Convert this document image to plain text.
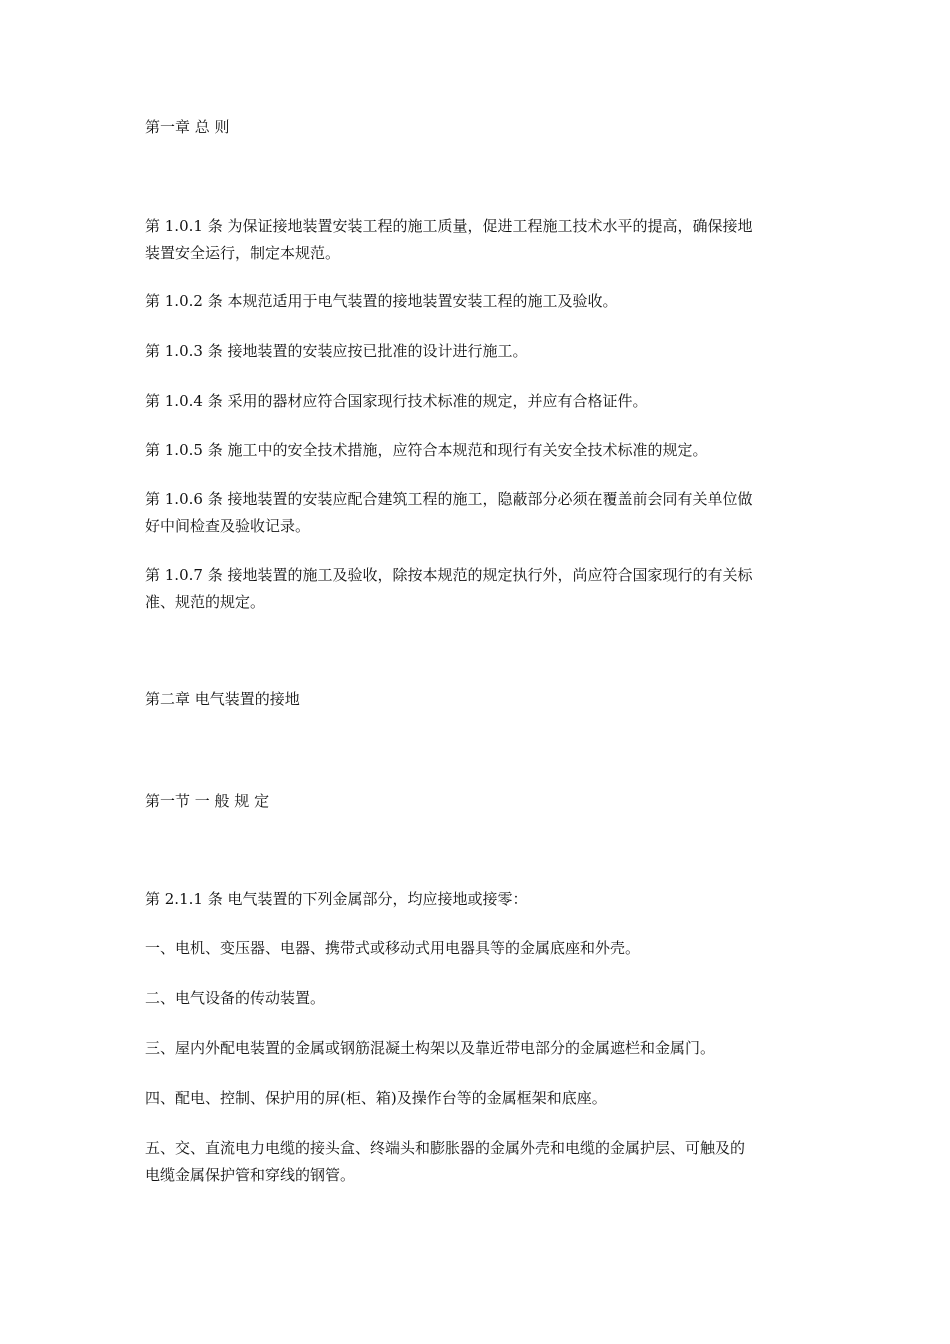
第一章 总 则
第 1.0.1 条 为保证接地装置安装工程的施工质量，促进工程施工技术水平的提高，确保接地
装置安全运行，制定本规范。
第 1.0.2 条 本规范适用于电气装置的接地装置安装工程的施工及验收。
第 1.0.3 条 接地装置的安装应按已批准的设计进行施工。
第 1.0.4 条 采用的器材应符合国家现行技术标准的规定，并应有合格证件。
第 1.0.5 条 施工中的安全技术措施，应符合本规范和现行有关安全技术标准的规定。
第 1.0.6 条 接地装置的安装应配合建筑工程的施工，隐蔽部分必须在覆盖前会同有关单位做
好中间检查及验收记录。
第 1.0.7 条 接地装置的施工及验收，除按本规范的规定执行外，尚应符合国家现行的有关标
准、规范的规定。
第二章 电气装置的接地
第一节 一 般 规 定
第 2.1.1 条 电气装置的下列金属部分，均应接地或接零：
一、电机、变压器、电器、携带式或移动式用电器具等的金属底座和外壳。
二、电气设备的传动装置。
三、屋内外配电装置的金属或钢筋混凝土构架以及靠近带电部分的金属遮栏和金属门。
四、配电、控制、保护用的屏(柜、箱)及操作台等的金属框架和底座。
五、交、直流电力电缆的接头盒、终端头和膨胀器的金属外壳和电缆的金属护层、可触及的
电缆金属保护管和穿线的钢管。
